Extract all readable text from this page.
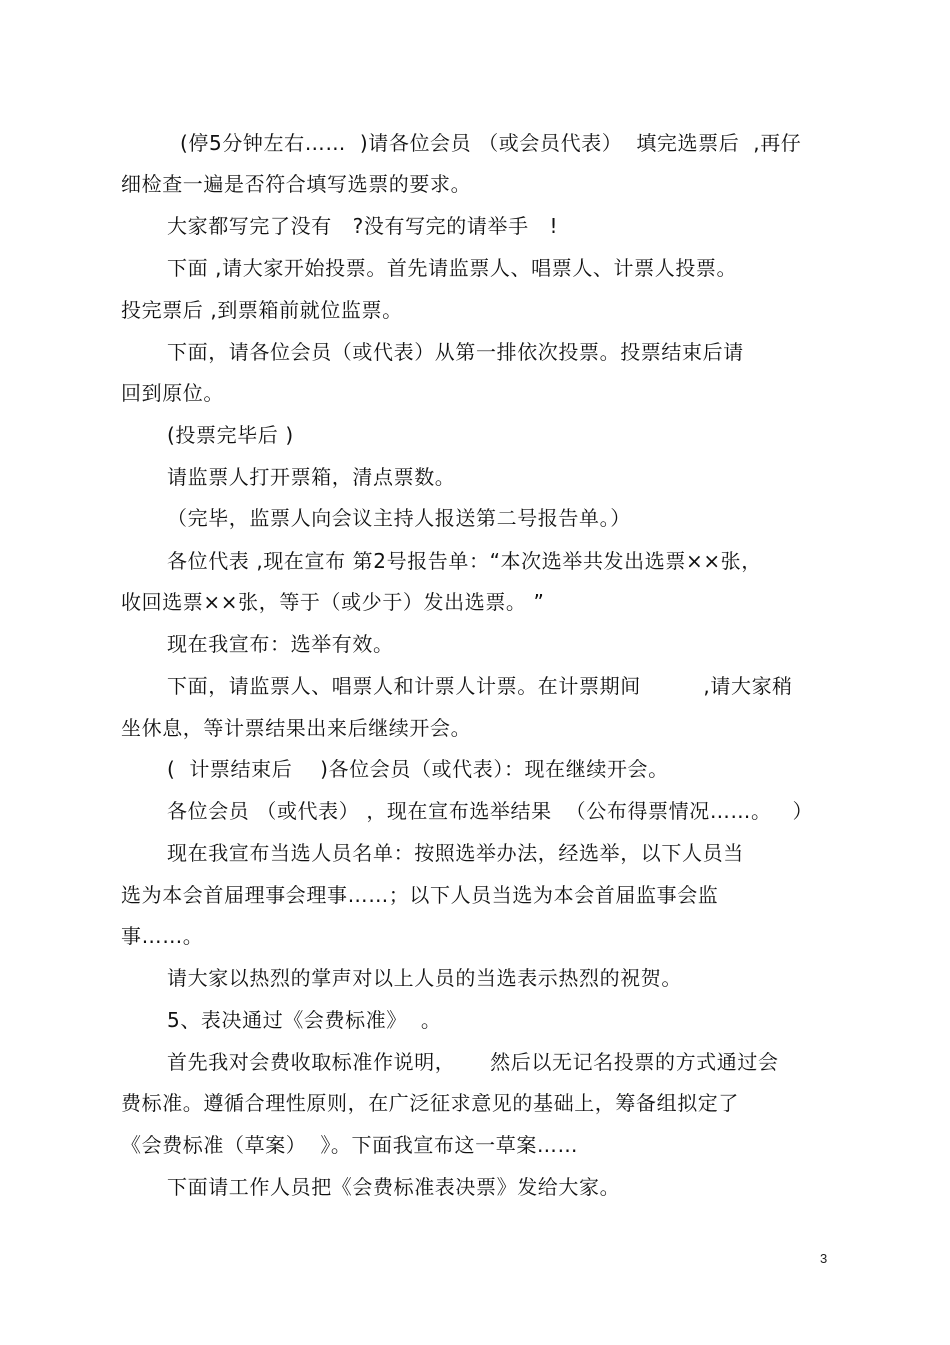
(停5分钟左右……  )请各位会员 （或会员代表）  填完选票后  ,再仔
细检查一遍是否符合填写选票的要求。
大家都写完了没有   ?没有写完的请举手   !
下面 ,请大家开始投票。首先请监票人、唱票人、计票人投票。
投完票后 ,到票箱前就位监票。
下面，请各位会员（或代表）从第一排依次投票。投票结束后请
回到原位。
(投票完毕后 )
请监票人打开票箱，清点票数。
（完毕，监票人向会议主持人报送第二号报告单。）
各位代表 ,现在宣布 第2号报告单：“本次选举共发出选票××张，
收回选票××张，等于（或少于）发出选票。 ”
现在我宣布：选举有效。
下面，请监票人、唱票人和计票人计票。在计票期间         ,请大家稍
坐休息，等计票结果出来后继续开会。
(  计票结束后    )各位会员（或代表）：现在继续开会。
各位会员 （或代表） ，现在宣布选举结果  （公布得票情况……。   ）
现在我宣布当选人员名单：按照选举办法，经选举，以下人员当
选为本会首届理事会理事……；以下人员当选为本会首届监事会监
事……。
请大家以热烈的掌声对以上人员的当选表示热烈的祝贺。
5、表决通过《会费标准》  。
首先我对会费收取标准作说明，     然后以无记名投票的方式通过会
费标准。遵循合理性原则，在广泛征求意见的基础上，筹备组拟定了
《会费标准（草案）  》。下面我宣布这一草案……
下面请工作人员把《会费标准表决票》发给大家。
3
